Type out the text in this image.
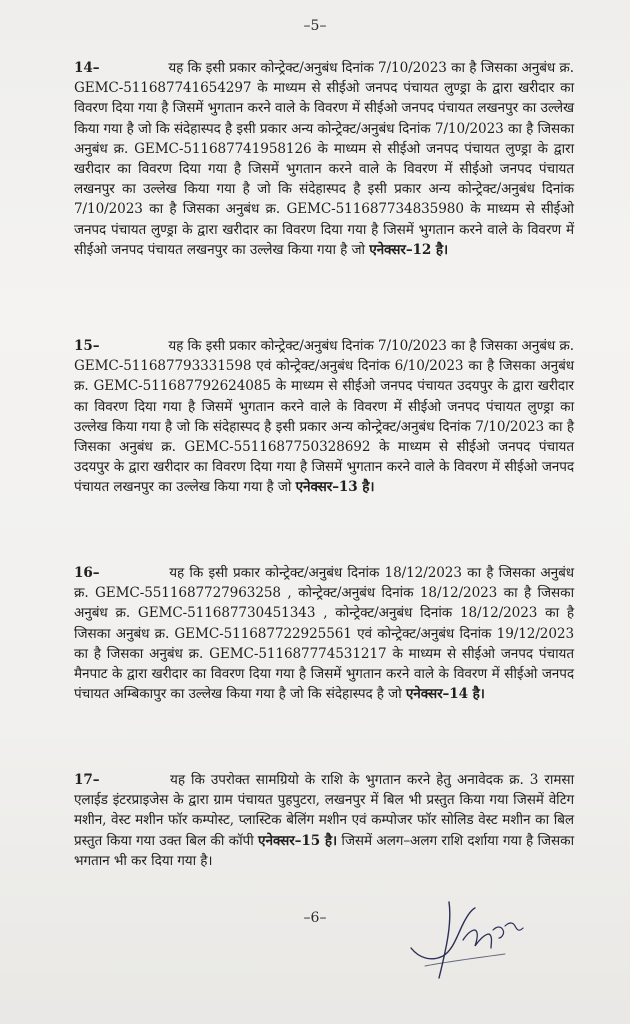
–5–
14–	यह कि इसी प्रकार कोन्ट्रेक्ट/अनुबंध दिनांक 7/10/2023 का है जिसका अनुबंध क्र. GEMC-511687741654297 के माध्यम से सीईओ जनपद पंचायत लुण्ड्रा के द्वारा खरीदार का विवरण दिया गया है जिसमें भुगतान करने वाले के विवरण में सीईओ जनपद पंचायत लखनपुर का उल्लेख किया गया है जो कि संदेहास्पद है इसी प्रकार अन्य कोन्ट्रेक्ट/अनुबंध दिनांक 7/10/2023 का है जिसका अनुबंध क्र. GEMC-511687741958126 के माध्यम से सीईओ जनपद पंचायत लुण्ड्रा के द्वारा खरीदार का विवरण दिया गया है जिसमें भुगतान करने वाले के विवरण में सीईओ जनपद पंचायत लखनपुर का उल्लेख किया गया है जो कि संदेहास्पद है इसी प्रकार अन्य कोन्ट्रेक्ट/अनुबंध दिनांक 7/10/2023 का है जिसका अनुबंध क्र. GEMC-511687734835980 के माध्यम से सीईओ जनपद पंचायत लुण्ड्रा के द्वारा खरीदार का विवरण दिया गया है जिसमें भुगतान करने वाले के विवरण में सीईओ जनपद पंचायत लखनपुर का उल्लेख किया गया है जो एनेक्सर–12 है।
15–	यह कि इसी प्रकार कोन्ट्रेक्ट/अनुबंध दिनांक 7/10/2023 का है जिसका अनुबंध क्र. GEMC-511687793331598 एवं कोन्ट्रेक्ट/अनुबंध दिनांक 6/10/2023 का है जिसका अनुबंध क्र. GEMC-511687792624085 के माध्यम से सीईओ जनपद पंचायत उदयपुर के द्वारा खरीदार का विवरण दिया गया है जिसमें भुगतान करने वाले के विवरण में सीईओ जनपद पंचायत लुण्ड्रा का उल्लेख किया गया है जो कि संदेहास्पद है इसी प्रकार अन्य कोन्ट्रेक्ट/अनुबंध दिनांक 7/10/2023 का है जिसका अनुबंध क्र. GEMC-5511687750328692 के माध्यम से सीईओ जनपद पंचायत उदयपुर के द्वारा खरीदार का विवरण दिया गया है जिसमें भुगतान करने वाले के विवरण में सीईओ जनपद पंचायत लखनपुर का उल्लेख किया गया है जो एनेक्सर–13 है।
16–	यह कि इसी प्रकार कोन्ट्रेक्ट/अनुबंध दिनांक 18/12/2023 का है जिसका अनुबंध क्र. GEMC-5511687727963258 , कोन्ट्रेक्ट/अनुबंध दिनांक 18/12/2023 का है जिसका अनुबंध क्र. GEMC-511687730451343 , कोन्ट्रेक्ट/अनुबंध दिनांक 18/12/2023 का है जिसका अनुबंध क्र. GEMC-511687722925561 एवं कोन्ट्रेक्ट/अनुबंध दिनांक 19/12/2023 का है जिसका अनुबंध क्र. GEMC-511687774531217 के माध्यम से सीईओ जनपद पंचायत मैनपाट के द्वारा खरीदार का विवरण दिया गया है जिसमें भुगतान करने वाले के विवरण में सीईओ जनपद पंचायत अम्बिकापुर का उल्लेख किया गया है जो कि संदेहास्पद है जो एनेक्सर–14 है।
17–	यह कि उपरोक्त सामग्रियो के राशि के भुगतान करने हेतु अनावेदक क्र. 3 रामसा एलाईड इंटरप्राइजेस के द्वारा ग्राम पंचायत पुहपुटरा, लखनपुर में बिल भी प्रस्तुत किया गया जिसमें वेटिग मशीन, वेस्ट मशीन फॉर कम्पोस्ट, प्लास्टिक बेलिंग मशीन एवं कम्पोजर फॉर सोलिड वेस्ट मशीन का बिल प्रस्तुत किया गया उक्त बिल की कॉपी एनेक्सर–15 है। जिसमें अलग–अलग राशि दर्शाया गया है जिसका भगतान भी कर दिया गया है।
–6–
